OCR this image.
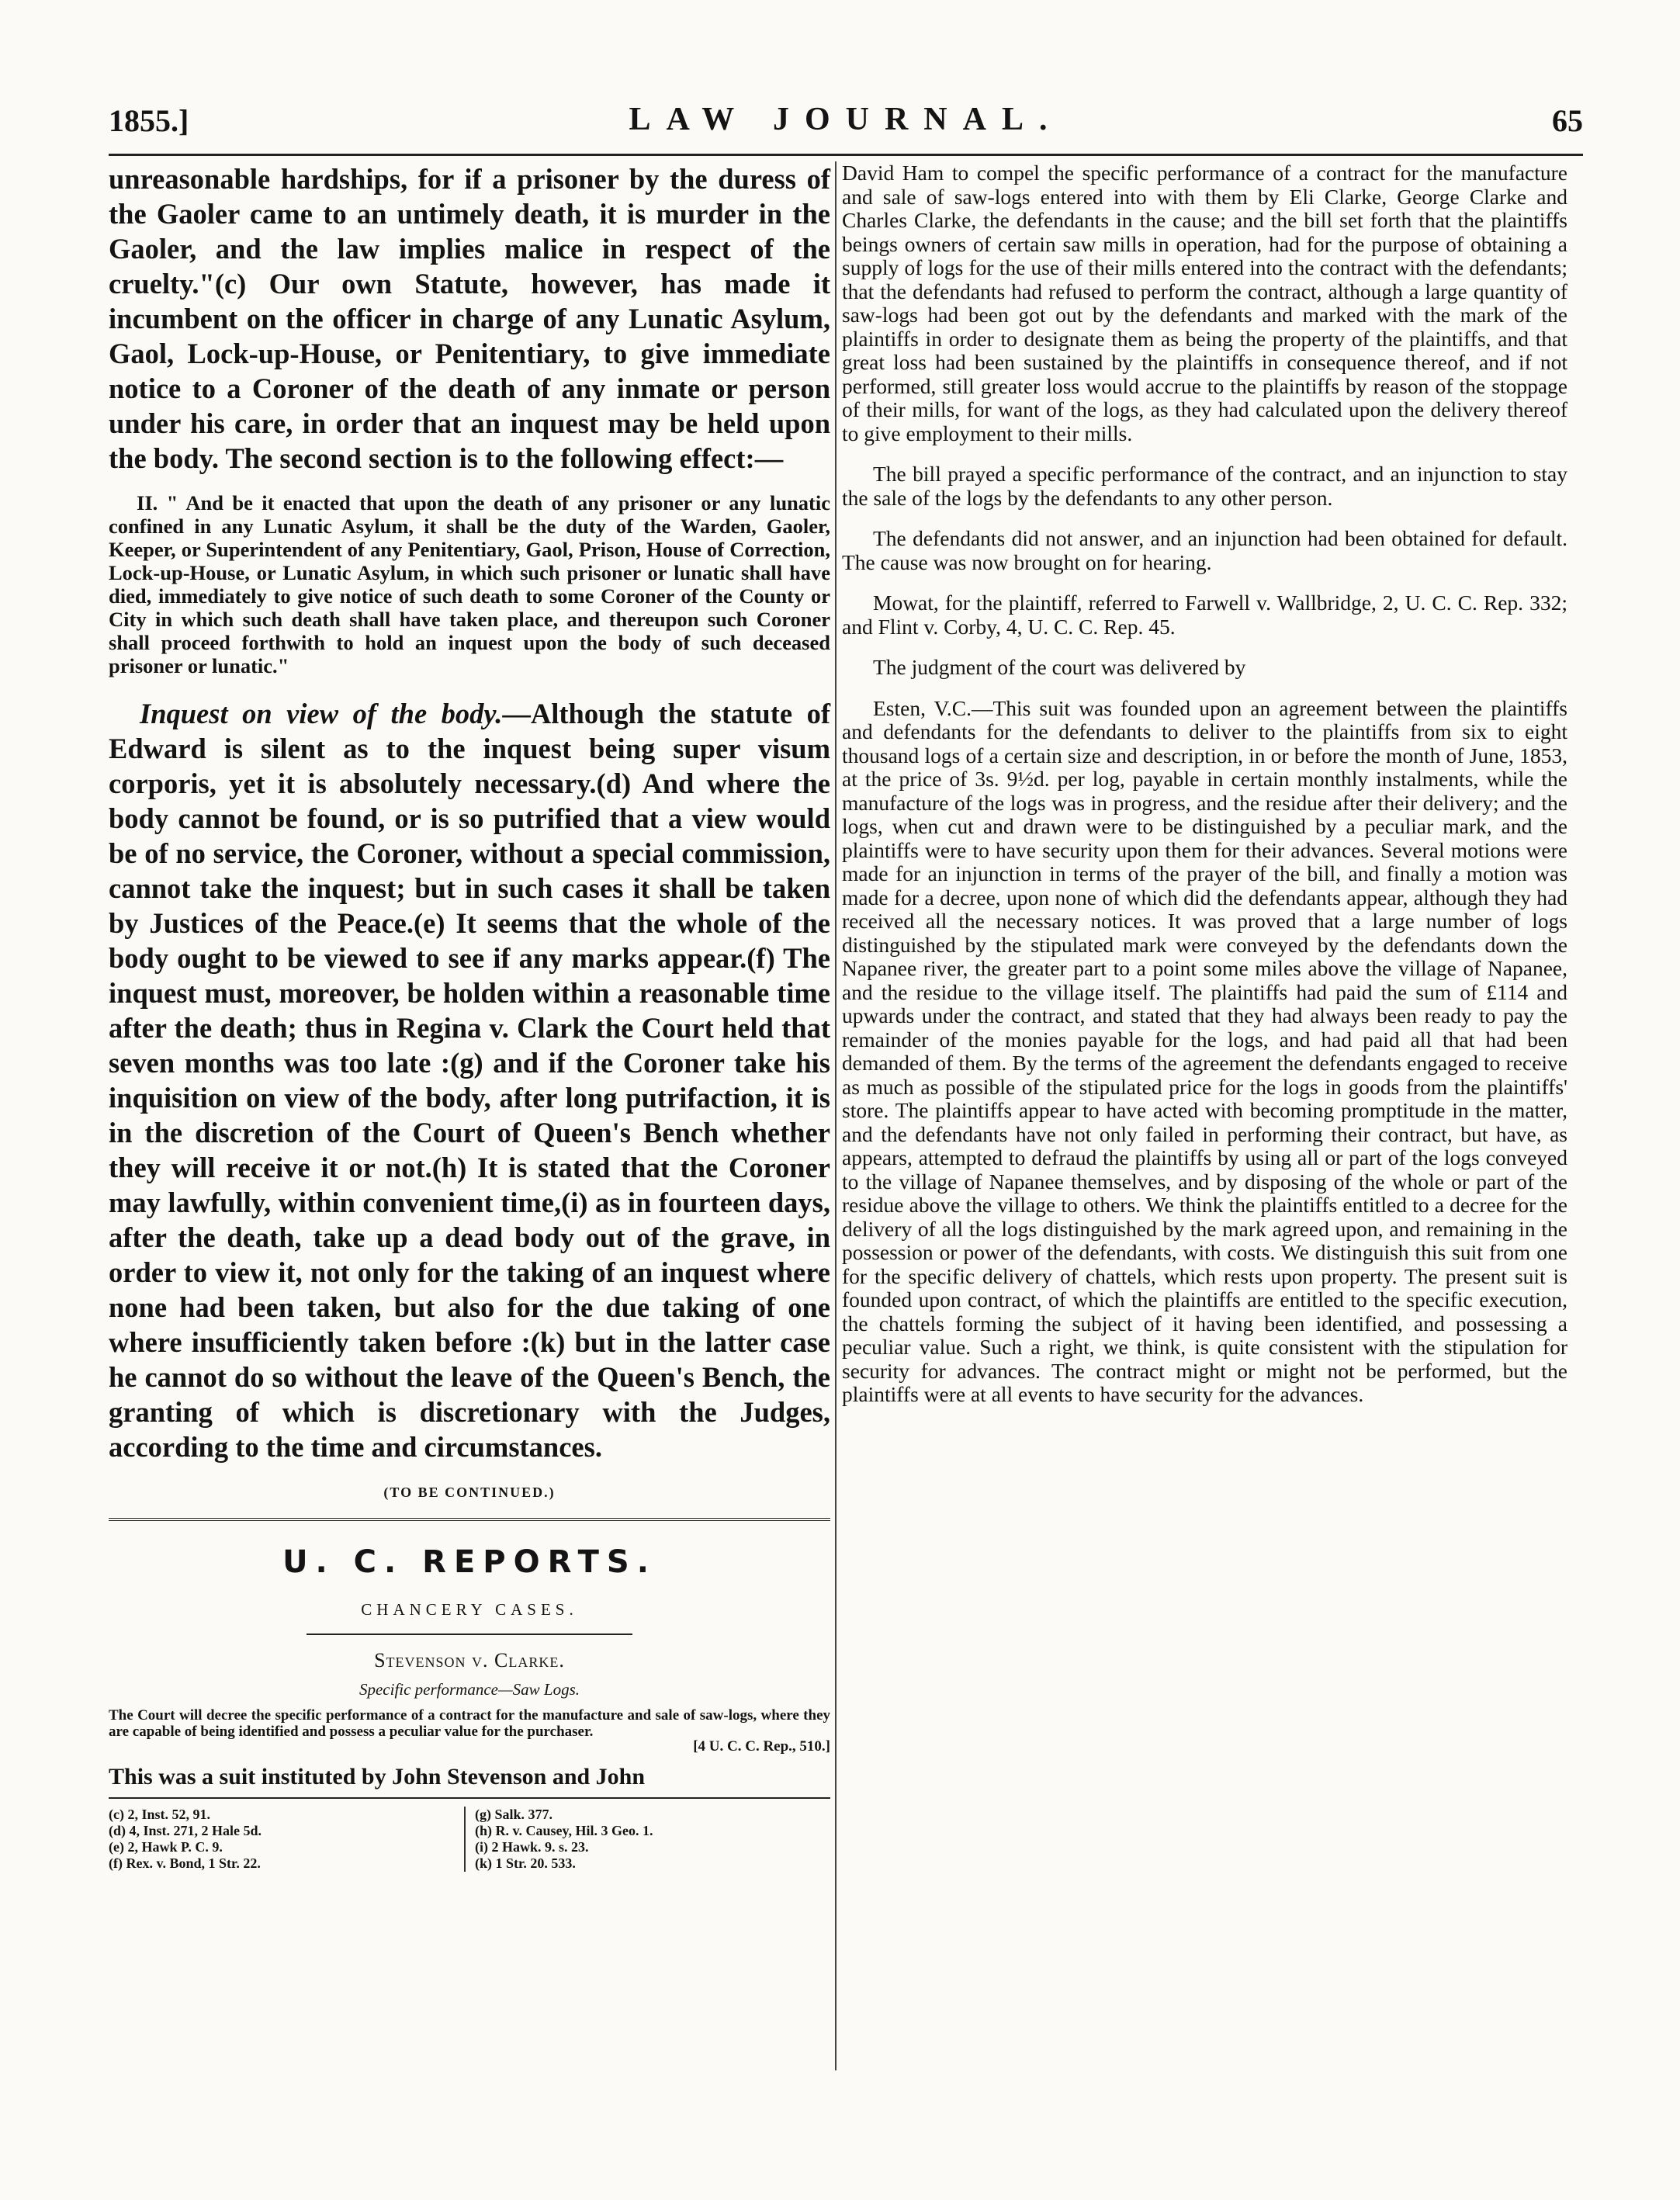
1855.]	LAW JOURNAL.	65

unreasonable hardships, for if a prisoner by the duress of the Gaoler came to an untimely death, it is murder in the Gaoler, and the law implies malice in respect of the cruelty."(c) Our own Statute, however, has made it incumbent on the officer in charge of any Lunatic Asylum, Gaol, Lock-up-House, or Penitentiary, to give immediate notice to a Coroner of the death of any inmate or person under his care, in order that an inquest may be held upon the body. The second section is to the following effect:—

II. " And be it enacted that upon the death of any prisoner or any lunatic confined in any Lunatic Asylum, it shall be the duty of the Warden, Gaoler, Keeper, or Superintendent of any Penitentiary, Gaol, Prison, House of Correction, Lock-up-House, or Lunatic Asylum, in which such prisoner or lunatic shall have died, immediately to give notice of such death to some Coroner of the County or City in which such death shall have taken place, and thereupon such Coroner shall proceed forthwith to hold an inquest upon the body of such deceased prisoner or lunatic."

Inquest on view of the body.—Although the statute of Edward is silent as to the inquest being super visum corporis, yet it is absolutely necessary.(d) And where the body cannot be found, or is so putrified that a view would be of no service, the Coroner, without a special commission, cannot take the inquest; but in such cases it shall be taken by Justices of the Peace.(e) It seems that the whole of the body ought to be viewed to see if any marks appear.(f) The inquest must, moreover, be holden within a reasonable time after the death; thus in Regina v. Clark the Court held that seven months was too late :(g) and if the Coroner take his inquisition on view of the body, after long putrifaction, it is in the discretion of the Court of Queen's Bench whether they will receive it or not.(h) It is stated that the Coroner may lawfully, within convenient time,(i) as in fourteen days, after the death, take up a dead body out of the grave, in order to view it, not only for the taking of an inquest where none had been taken, but also for the due taking of one where insufficiently taken before :(k) but in the latter case he cannot do so without the leave of the Queen's Bench, the granting of which is discretionary with the Judges, according to the time and circumstances.

(TO BE CONTINUED.)
U. C. REPORTS.
CHANCERY CASES.
Stevenson v. Clarke.
Specific performance—Saw Logs.

The Court will decree the specific performance of a contract for the manufacture and sale of saw-logs, where they are capable of being identified and possess a peculiar value for the purchaser.

[4 U. C. C. Rep., 510.]

This was a suit instituted by John Stevenson and John

(c) 2, Inst. 52, 91.
(d) 4, Inst. 271, 2 Hale 5d.
(e) 2, Hawk P. C. 9.
(f) Rex. v. Bond, 1 Str. 22.
(g) Salk. 377.
(h) R. v. Causey, Hil. 3 Geo. 1.
(i) 2 Hawk. 9. s. 23.
(k) 1 Str. 20. 533.

David Ham to compel the specific performance of a contract for the manufacture and sale of saw-logs entered into with them by Eli Clarke, George Clarke and Charles Clarke, the defendants in the cause; and the bill set forth that the plaintiffs beings owners of certain saw mills in operation, had for the purpose of obtaining a supply of logs for the use of their mills entered into the contract with the defendants; that the defendants had refused to perform the contract, although a large quantity of saw-logs had been got out by the defendants and marked with the mark of the plaintiffs in order to designate them as being the property of the plaintiffs, and that great loss had been sustained by the plaintiffs in consequence thereof, and if not performed, still greater loss would accrue to the plaintiffs by reason of the stoppage of their mills, for want of the logs, as they had calculated upon the delivery thereof to give employment to their mills.

The bill prayed a specific performance of the contract, and an injunction to stay the sale of the logs by the defendants to any other person.

The defendants did not answer, and an injunction had been obtained for default. The cause was now brought on for hearing.

Mowat, for the plaintiff, referred to Farwell v. Wallbridge, 2, U. C. C. Rep. 332; and Flint v. Corby, 4, U. C. C. Rep. 45.

The judgment of the court was delivered by

Esten, V.C.—This suit was founded upon an agreement between the plaintiffs and defendants for the defendants to deliver to the plaintiffs from six to eight thousand logs of a certain size and description, in or before the month of June, 1853, at the price of 3s. 9½d. per log, payable in certain monthly instalments, while the manufacture of the logs was in progress, and the residue after their delivery; and the logs, when cut and drawn were to be distinguished by a peculiar mark, and the plaintiffs were to have security upon them for their advances. Several motions were made for an injunction in terms of the prayer of the bill, and finally a motion was made for a decree, upon none of which did the defendants appear, although they had received all the necessary notices. It was proved that a large number of logs distinguished by the stipulated mark were conveyed by the defendants down the Napanee river, the greater part to a point some miles above the village of Napanee, and the residue to the village itself. The plaintiffs had paid the sum of £114 and upwards under the contract, and stated that they had always been ready to pay the remainder of the monies payable for the logs, and had paid all that had been demanded of them. By the terms of the agreement the defendants engaged to receive as much as possible of the stipulated price for the logs in goods from the plaintiffs' store. The plaintiffs appear to have acted with becoming promptitude in the matter, and the defendants have not only failed in performing their contract, but have, as appears, attempted to defraud the plaintiffs by using all or part of the logs conveyed to the village of Napanee themselves, and by disposing of the whole or part of the residue above the village to others. We think the plaintiffs entitled to a decree for the delivery of all the logs distinguished by the mark agreed upon, and remaining in the possession or power of the defendants, with costs. We distinguish this suit from one for the specific delivery of chattels, which rests upon property. The present suit is founded upon contract, of which the plaintiffs are entitled to the specific execution, the chattels forming the subject of it having been identified, and possessing a peculiar value. Such a right, we think, is quite consistent with the stipulation for security for advances. The contract might or might not be performed, but the plaintiffs were at all events to have security for the advances.
